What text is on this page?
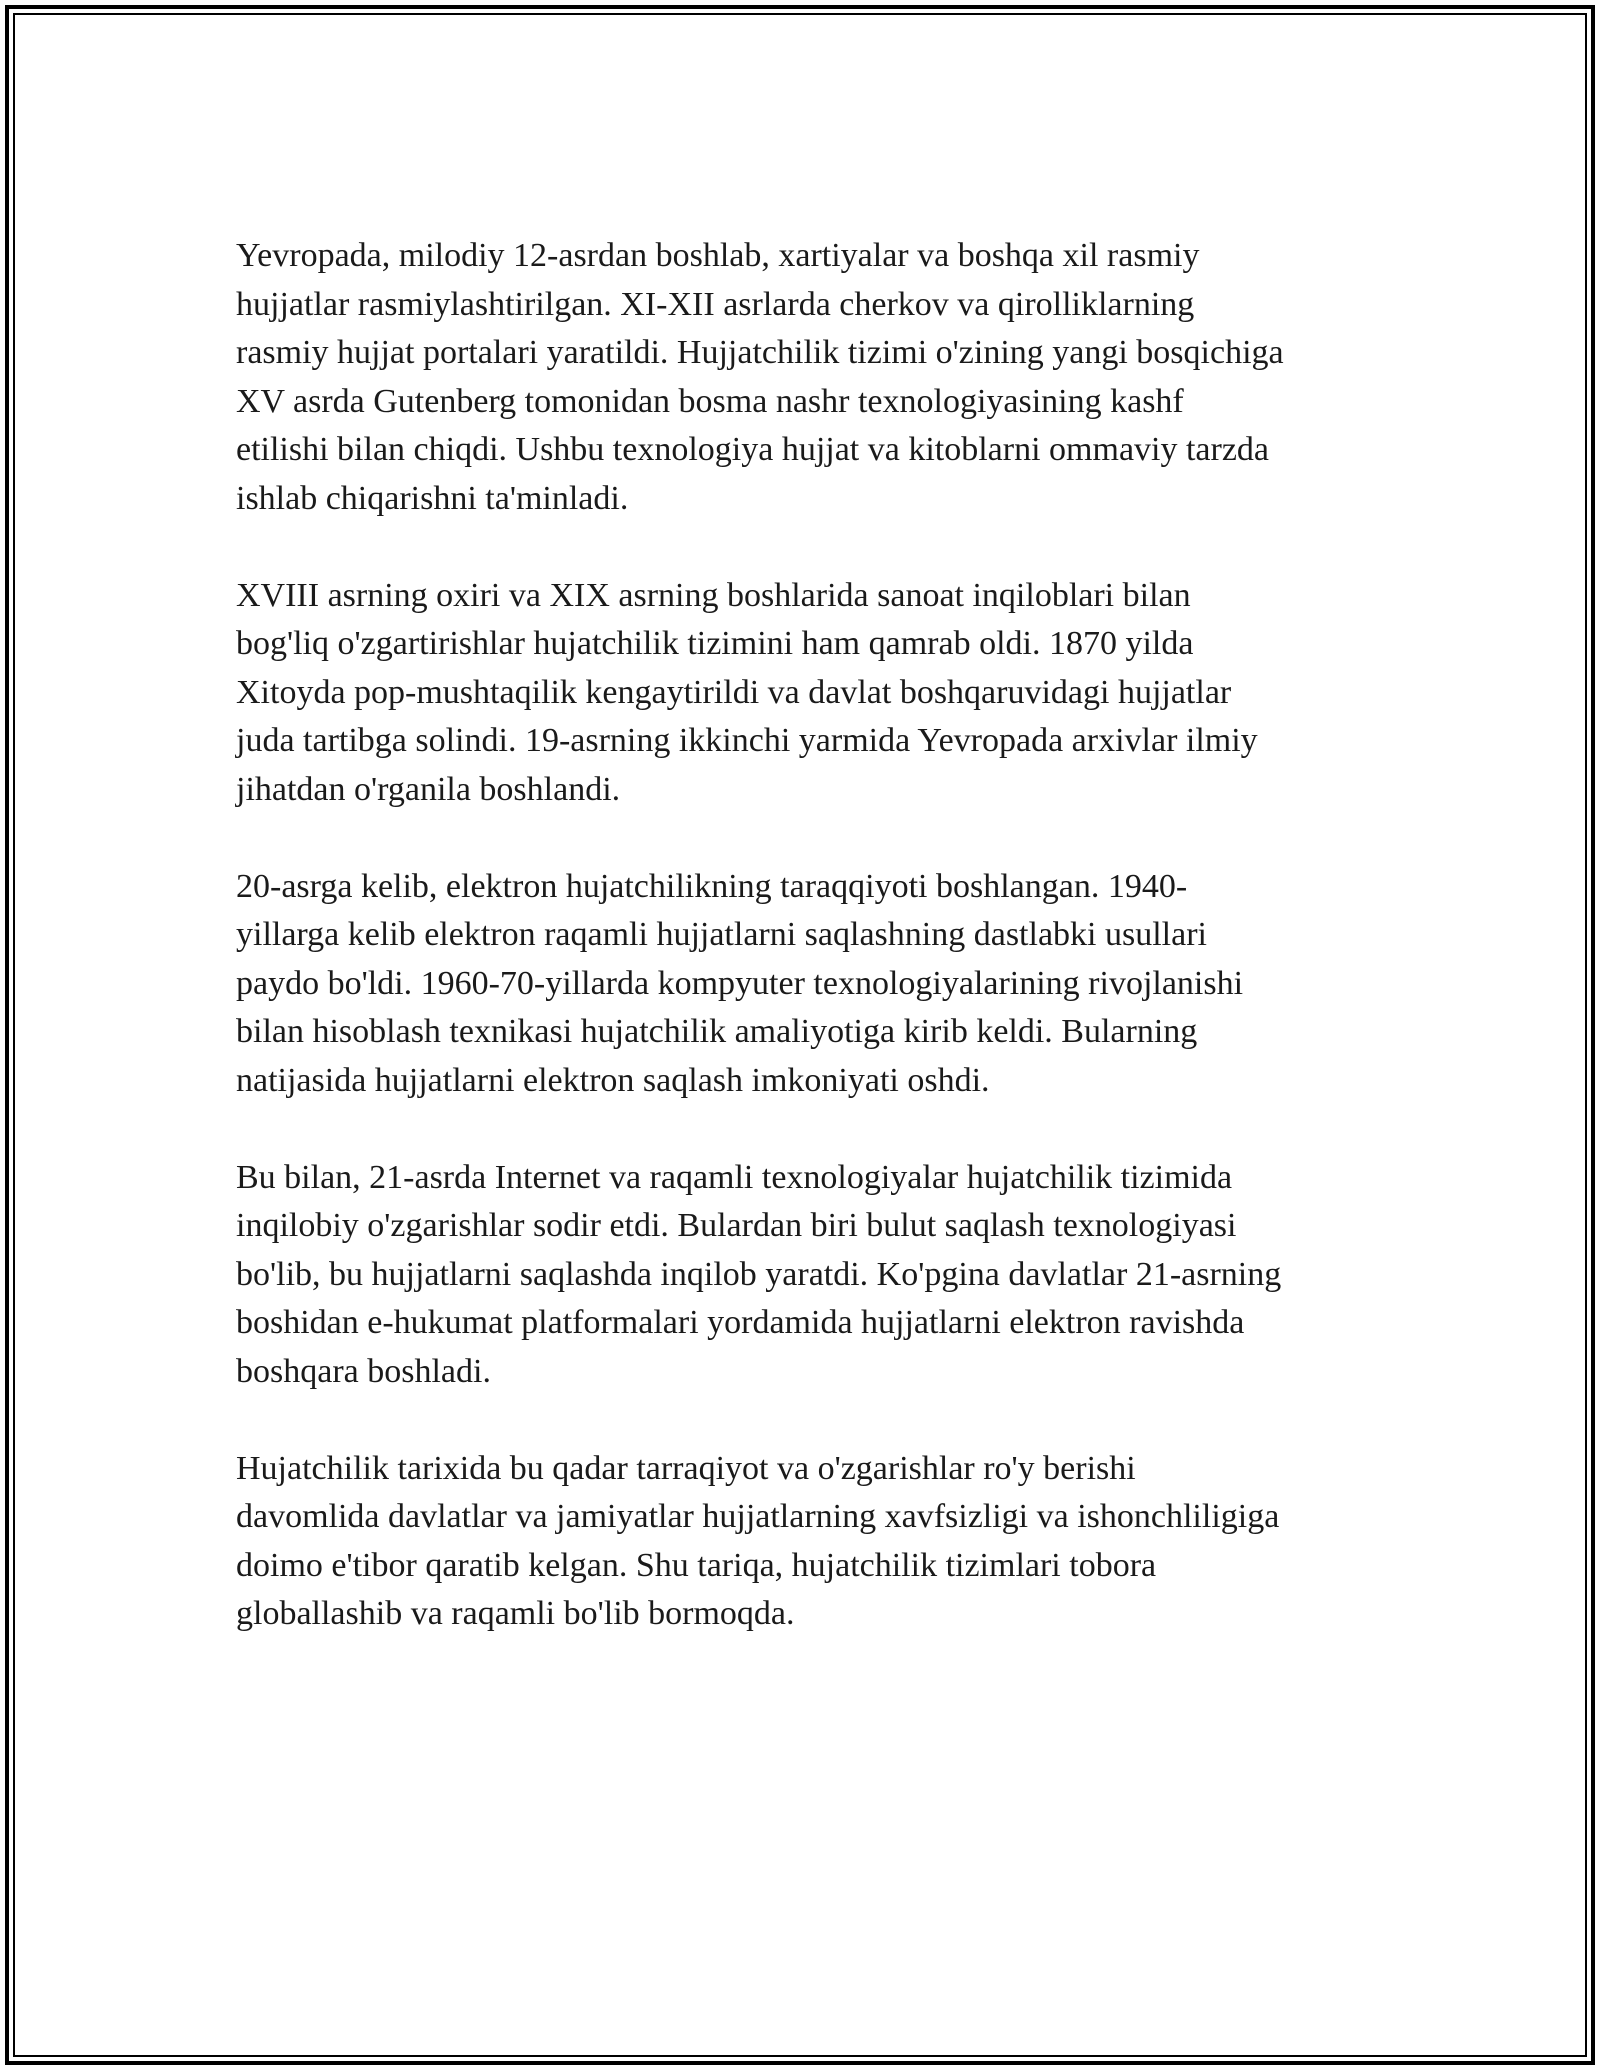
Yevropada, milodiy 12-asrdan boshlab, xartiyalar va boshqa xil rasmiy
hujjatlar rasmiylashtirilgan. XI-XII asrlarda cherkov va qirolliklarning
rasmiy hujjat portalari yaratildi. Hujjatchilik tizimi o'zining yangi bosqichiga
XV asrda Gutenberg tomonidan bosma nashr texnologiyasining kashf
etilishi bilan chiqdi. Ushbu texnologiya hujjat va kitoblarni ommaviy tarzda
ishlab chiqarishni ta'minladi.

XVIII asrning oxiri va XIX asrning boshlarida sanoat inqiloblari bilan
bog'liq o'zgartirishlar hujatchilik tizimini ham qamrab oldi. 1870 yilda
Xitoyda pop-mushtaqilik kengaytirildi va davlat boshqaruvidagi hujjatlar
juda tartibga solindi. 19-asrning ikkinchi yarmida Yevropada arxivlar ilmiy
jihatdan o'rganila boshlandi.

20-asrga kelib, elektron hujatchilikning taraqqiyoti boshlangan. 1940-
yillarga kelib elektron raqamli hujjatlarni saqlashning dastlabki usullari
paydo bo'ldi. 1960-70-yillarda kompyuter texnologiyalarining rivojlanishi
bilan hisoblash texnikasi hujatchilik amaliyotiga kirib keldi. Bularning
natijasida hujjatlarni elektron saqlash imkoniyati oshdi.

Bu bilan, 21-asrda Internet va raqamli texnologiyalar hujatchilik tizimida
inqilobiy o'zgarishlar sodir etdi. Bulardan biri bulut saqlash texnologiyasi
bo'lib, bu hujjatlarni saqlashda inqilob yaratdi. Ko'pgina davlatlar 21-asrning
boshidan e-hukumat platformalari yordamida hujjatlarni elektron ravishda
boshqara boshladi.

Hujatchilik tarixida bu qadar tarraqiyot va o'zgarishlar ro'y berishi
davomlida davlatlar va jamiyatlar hujjatlarning xavfsizligi va ishonchliligiga
doimo e'tibor qaratib kelgan. Shu tariqa, hujatchilik tizimlari tobora
globallashib va raqamli bo'lib bormoqda.
